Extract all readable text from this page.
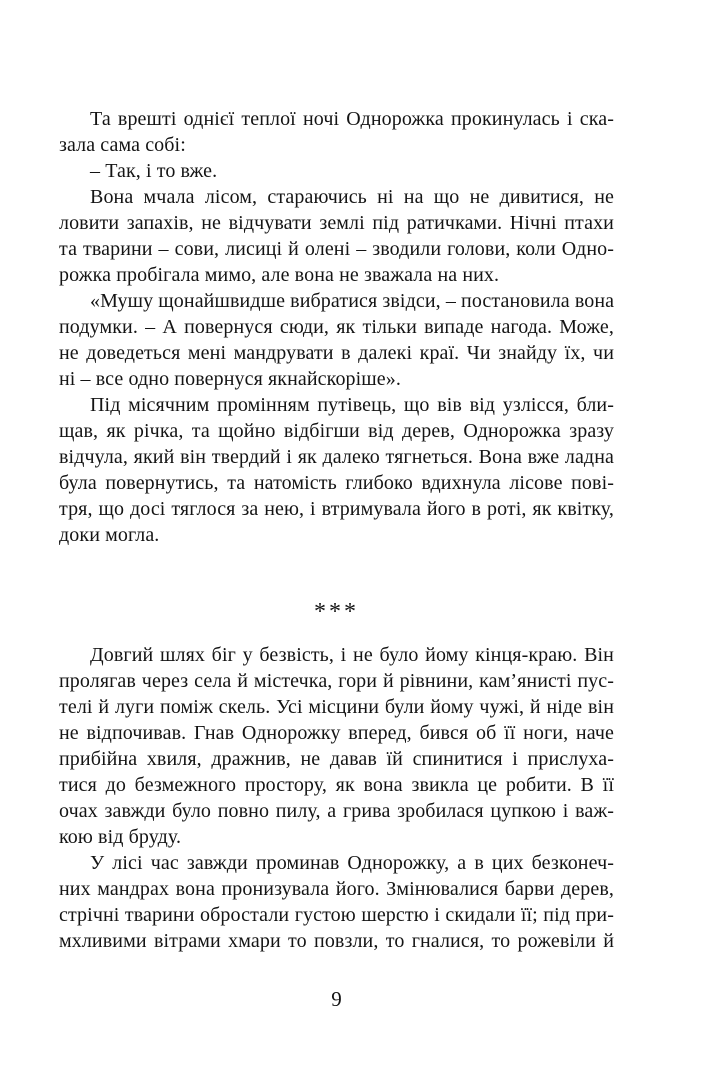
Та врешті однієї теплої ночі Однорожка прокинулась і ска-
зала сама собі:
– Так, і то вже.
Вона мчала лісом, стараючись ні на що не дивитися, не
ловити запахів, не відчувати землі під ратичками. Нічні птахи
та тварини – сови, лисиці й олені – зводили голови, коли Одно-
рожка пробігала мимо, але вона не зважала на них.
«Мушу щонайшвидше вибратися звідси, – постановила вона
подумки. – А повернуся сюди, як тільки випаде нагода. Може,
не доведеться мені мандрувати в далекі краї. Чи знайду їх, чи
ні – все одно повернуся якнайскоріше».
Під місячним промінням путівець, що вів від узлісся, бли-
щав, як річка, та щойно відбігши від дерев, Однорожка зразу
відчула, який він твердий і як далеко тягнеться. Вона вже ладна
була повернутись, та натомість глибоко вдихнула лісове пові-
тря, що досі тяглося за нею, і втримувала його в роті, як квітку,
доки могла.
***
Довгий шлях біг у безвість, і не було йому кінця-краю. Він
пролягав через села й містечка, гори й рівнини, кам’янисті пус-
телі й луги поміж скель. Усі місцини були йому чужі, й ніде він
не відпочивав. Гнав Однорожку вперед, бився об її ноги, наче
прибійна хвиля, дражнив, не давав їй спинитися і прислуха-
тися до безмежного простору, як вона звикла це робити. В її
очах завжди було повно пилу, а грива зробилася цупкою і важ-
кою від бруду.
У лісі час завжди проминав Однорожку, а в цих безконеч-
них мандрах вона пронизувала його. Змінювалися барви дерев,
стрічні тварини обростали густою шерстю і скидали її; під при-
мхливими вітрами хмари то повзли, то гналися, то рожевіли й
9
